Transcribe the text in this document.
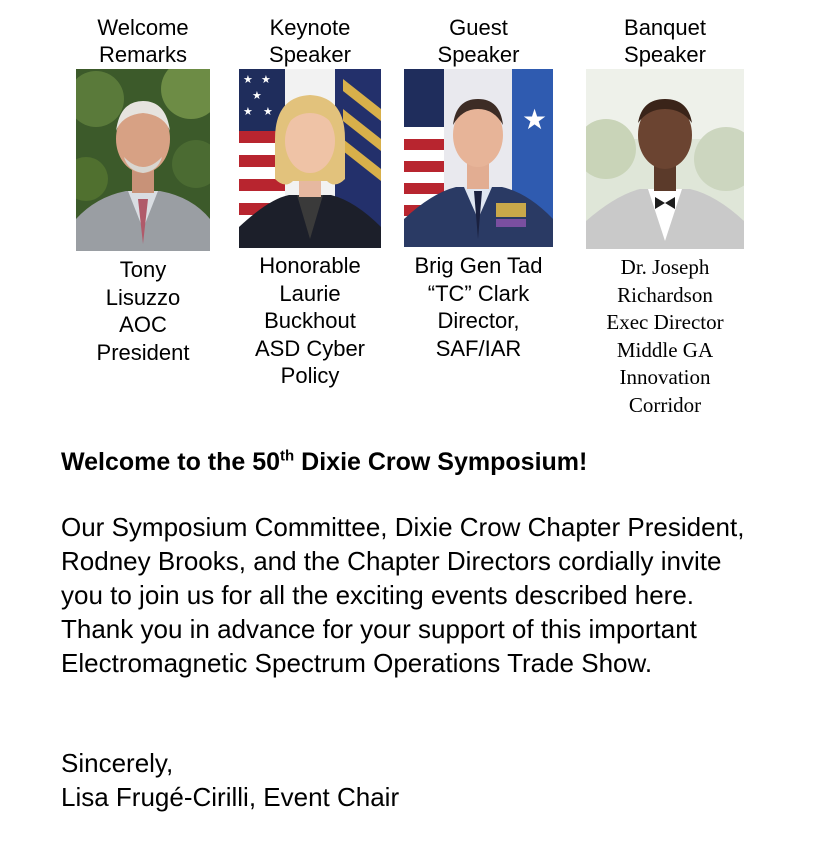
Welcome
Remarks

Tony
Lisuzzo
AOC
President

Keynote
Speaker

★ ★
★
★ ★

Honorable
Laurie
Buckhout
ASD Cyber
Policy

Guest
Speaker

★

Brig Gen Tad
“TC” Clark
Director,
SAF/IAR

Banquet
Speaker

Dr. Joseph
Richardson
Exec Director
Middle GA
Innovation
Corridor

Welcome to the 50th Dixie Crow Symposium!

Our Symposium Committee, Dixie Crow Chapter President, Rodney Brooks, and the Chapter Directors cordially invite you to join us for all the exciting events described here. Thank you in advance for your support of this important Electromagnetic Spectrum Operations Trade Show.

Sincerely,
Lisa Frugé-Cirilli, Event Chair
